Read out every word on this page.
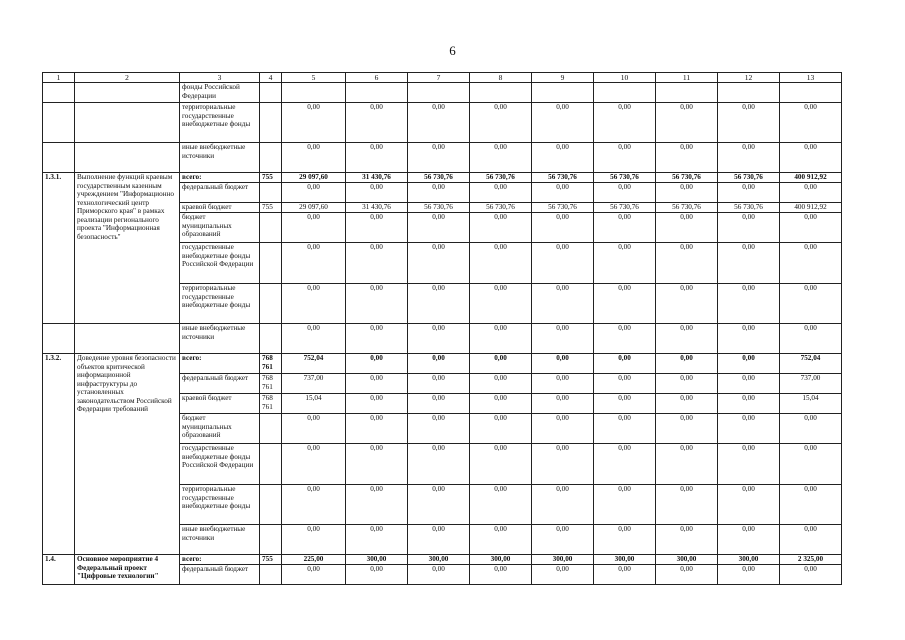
6
1	2	3	4	5	6	7	8	9	10	11	12	13
		фонды Российской Федерации										
		территориальные государственные внебюджетные фонды		0,00	0,00	0,00	0,00	0,00	0,00	0,00	0,00	0,00
		иные внебюджетные источники		0,00	0,00	0,00	0,00	0,00	0,00	0,00	0,00	0,00
1.3.1.	Выполнение функций краевым государственным казенным учреждением "Информационно технологический центр Приморского края" в рамках реализации регионального проекта "Информационная безопасность"	всего:	755	29 097,60	31 430,76	56 730,76	56 730,76	56 730,76	56 730,76	56 730,76	56 730,76	400 912,92
		федеральный бюджет		0,00	0,00	0,00	0,00	0,00	0,00	0,00	0,00	0,00
		краевой бюджет	755	29 097,60	31 430,76	56 730,76	56 730,76	56 730,76	56 730,76	56 730,76	56 730,76	400 912,92
		бюджет муниципальных образований		0,00	0,00	0,00	0,00	0,00	0,00	0,00	0,00	0,00
		государственные внебюджетные фонды Российской Федерации		0,00	0,00	0,00	0,00	0,00	0,00	0,00	0,00	0,00
		территориальные государственные внебюджетные фонды		0,00	0,00	0,00	0,00	0,00	0,00	0,00	0,00	0,00
		иные внебюджетные источники		0,00	0,00	0,00	0,00	0,00	0,00	0,00	0,00	0,00
1.3.2.	Доведение уровня безопасности объектов критической информационной инфраструктуры до установленных законодательством Российской Федерации требований	всего:	768 761	752,04	0,00	0,00	0,00	0,00	0,00	0,00	0,00	752,04
		федеральный бюджет	768 761	737,00	0,00	0,00	0,00	0,00	0,00	0,00	0,00	737,00
		краевой бюджет	768 761	15,04	0,00	0,00	0,00	0,00	0,00	0,00	0,00	15,04
		бюджет муниципальных образований		0,00	0,00	0,00	0,00	0,00	0,00	0,00	0,00	0,00
		государственные внебюджетные фонды Российской Федерации		0,00	0,00	0,00	0,00	0,00	0,00	0,00	0,00	0,00
		территориальные государственные внебюджетные фонды		0,00	0,00	0,00	0,00	0,00	0,00	0,00	0,00	0,00
		иные внебюджетные источники		0,00	0,00	0,00	0,00	0,00	0,00	0,00	0,00	0,00
1.4.	Основное мероприятие 4 Федеральный проект "Цифровые технологии"	всего:	755	225,00	300,00	300,00	300,00	300,00	300,00	300,00	300,00	2 325,00
		федеральный бюджет		0,00	0,00	0,00	0,00	0,00	0,00	0,00	0,00	0,00
